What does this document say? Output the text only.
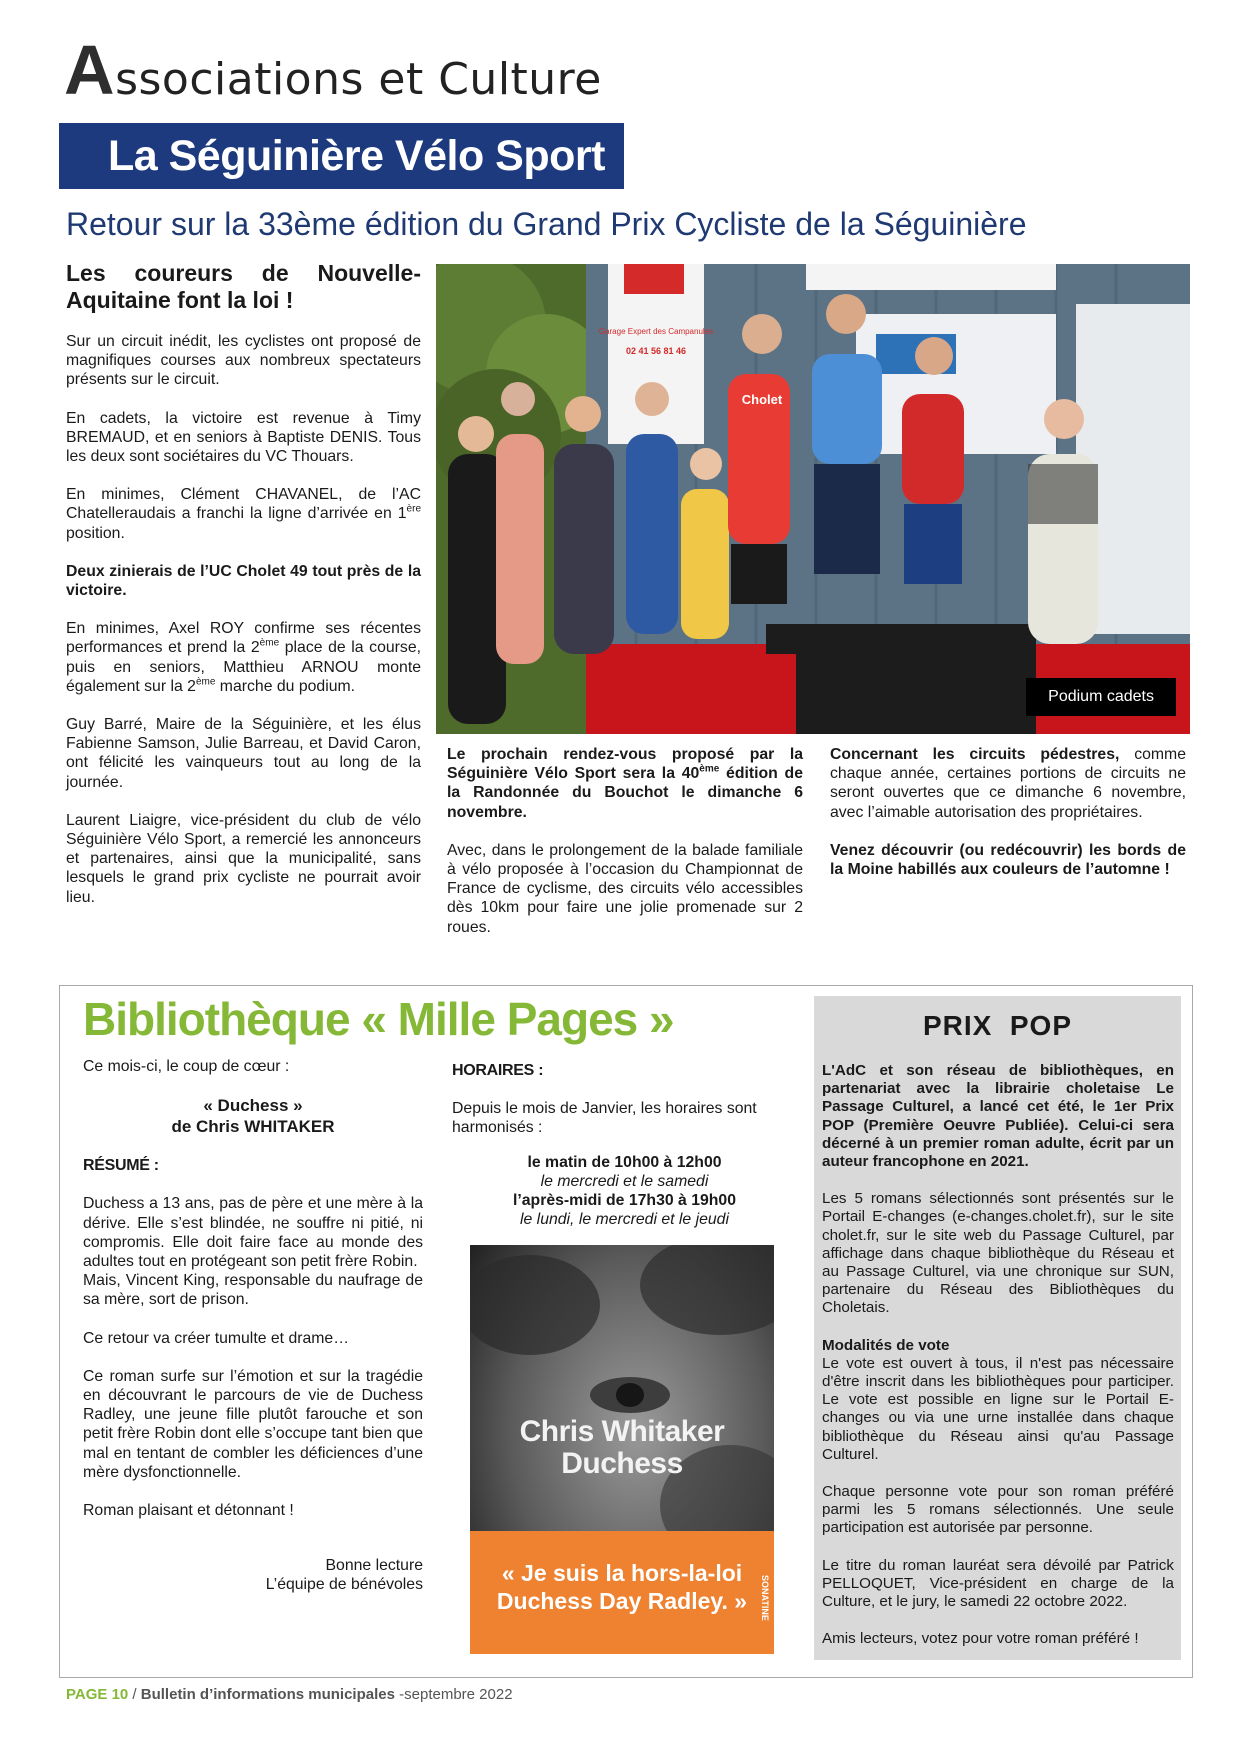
Associations et Culture
La Séguinière Vélo Sport
Retour sur la 33ème édition du Grand Prix Cycliste de la Séguinière
Les coureurs de Nouvelle-Aquitaine font la loi !

Sur un circuit inédit, les cyclistes ont proposé de magnifiques courses aux nombreux spectateurs présents sur le circuit.

En cadets, la victoire est revenue à Timy BREMAUD, et en seniors à Baptiste DENIS. Tous les deux sont sociétaires du VC Thouars.

En minimes, Clément CHAVANEL, de l’AC Chatelleraudais a franchi la ligne d’arrivée en 1ère position.

Deux zinierais de l’UC Cholet 49 tout près de la victoire.

En minimes, Axel ROY confirme ses récentes performances et prend la 2ème place de la course, puis en seniors, Matthieu ARNOU monte également sur la 2ème marche du podium.

Guy Barré, Maire de la Séguinière, et les élus Fabienne Samson, Julie Barreau, et David Caron, ont félicité les vainqueurs tout au long de la journée.

Laurent Liaigre, vice-président du club de vélo Séguinière Vélo Sport, a remercié les annonceurs et partenaires, ainsi que la municipalité, sans lesquels le grand prix cycliste ne pourrait avoir lieu.

Garage Expert des Campanules
02 41 56 81 46
Cholet
Podium cadets

Le prochain rendez-vous proposé par la Séguinière Vélo Sport sera la 40ème édition de la Randonnée du Bouchot le dimanche 6 novembre.

Avec, dans le prolongement de la balade familiale à vélo proposée à l’occasion du Championnat de France de cyclisme, des circuits vélo accessibles dès 10km pour faire une jolie promenade sur 2 roues.

Concernant les circuits pédestres, comme chaque année, certaines portions de circuits ne seront ouvertes que ce dimanche 6 novembre, avec l’aimable autorisation des propriétaires.

Venez découvrir (ou redécouvrir) les bords de la Moine habillés aux couleurs de l’automne !

Bibliothèque « Mille Pages »

Ce mois-ci, le coup de cœur :

« Duchess »
de Chris WHITAKER

RÉSUMÉ :

Duchess a 13 ans, pas de père et une mère à la dérive. Elle s’est blindée, ne souffre ni pitié, ni compromis. Elle doit faire face au monde des adultes tout en protégeant son petit frère Robin.

Mais, Vincent King, responsable du naufrage de sa mère, sort de prison.

Ce retour va créer tumulte et drame…

Ce roman surfe sur l’émotion et sur la tragédie en découvrant le parcours de vie de Duchess Radley, une jeune fille plutôt farouche et son petit frère Robin dont elle s’occupe tant bien que mal en tentant de combler les déficiences d’une mère dysfonctionnelle.

Roman plaisant et détonnant !

Bonne lecture
L’équipe de bénévoles

HORAIRES :

Depuis le mois de Janvier, les horaires sont harmonisés :

le matin de 10h00 à 12h00
le mercredi et le samedi
l’après-midi de 17h30 à 19h00
le lundi, le mercredi et le jeudi
Chris Whitaker
Duchess
« Je suis la hors-la-loi Duchess Day Radley. »	SONATINE
PRIX  POP

L'AdC et son réseau de bibliothèques, en partenariat avec la librairie choletaise Le Passage Culturel, a lancé cet été, le 1er Prix POP (Première Oeuvre Publiée). Celui-ci sera décerné à un premier roman adulte, écrit par un auteur francophone en 2021.

Les 5 romans sélectionnés sont présentés sur le Portail E-changes (e-changes.cholet.fr), sur le site cholet.fr, sur le site web du Passage Culturel, par affichage dans chaque bibliothèque du Réseau et au Passage Culturel, via une chronique sur SUN, partenaire du Réseau des Bibliothèques du Choletais.

Modalités de vote

Le vote est ouvert à tous, il n'est pas nécessaire d'être inscrit dans les bibliothèques pour participer. Le vote est possible en ligne sur le Portail E-changes ou via une urne installée dans chaque bibliothèque du Réseau ainsi qu'au Passage Culturel.

Chaque personne vote pour son roman préféré parmi les 5 romans sélectionnés. Une seule participation est autorisée par personne.

Le titre du roman lauréat sera dévoilé par Patrick PELLOQUET, Vice-président en charge de la Culture, et le jury, le samedi 22 octobre 2022.

Amis lecteurs, votez pour votre roman préféré !

PAGE 10 / Bulletin d’informations municipales -septembre 2022
